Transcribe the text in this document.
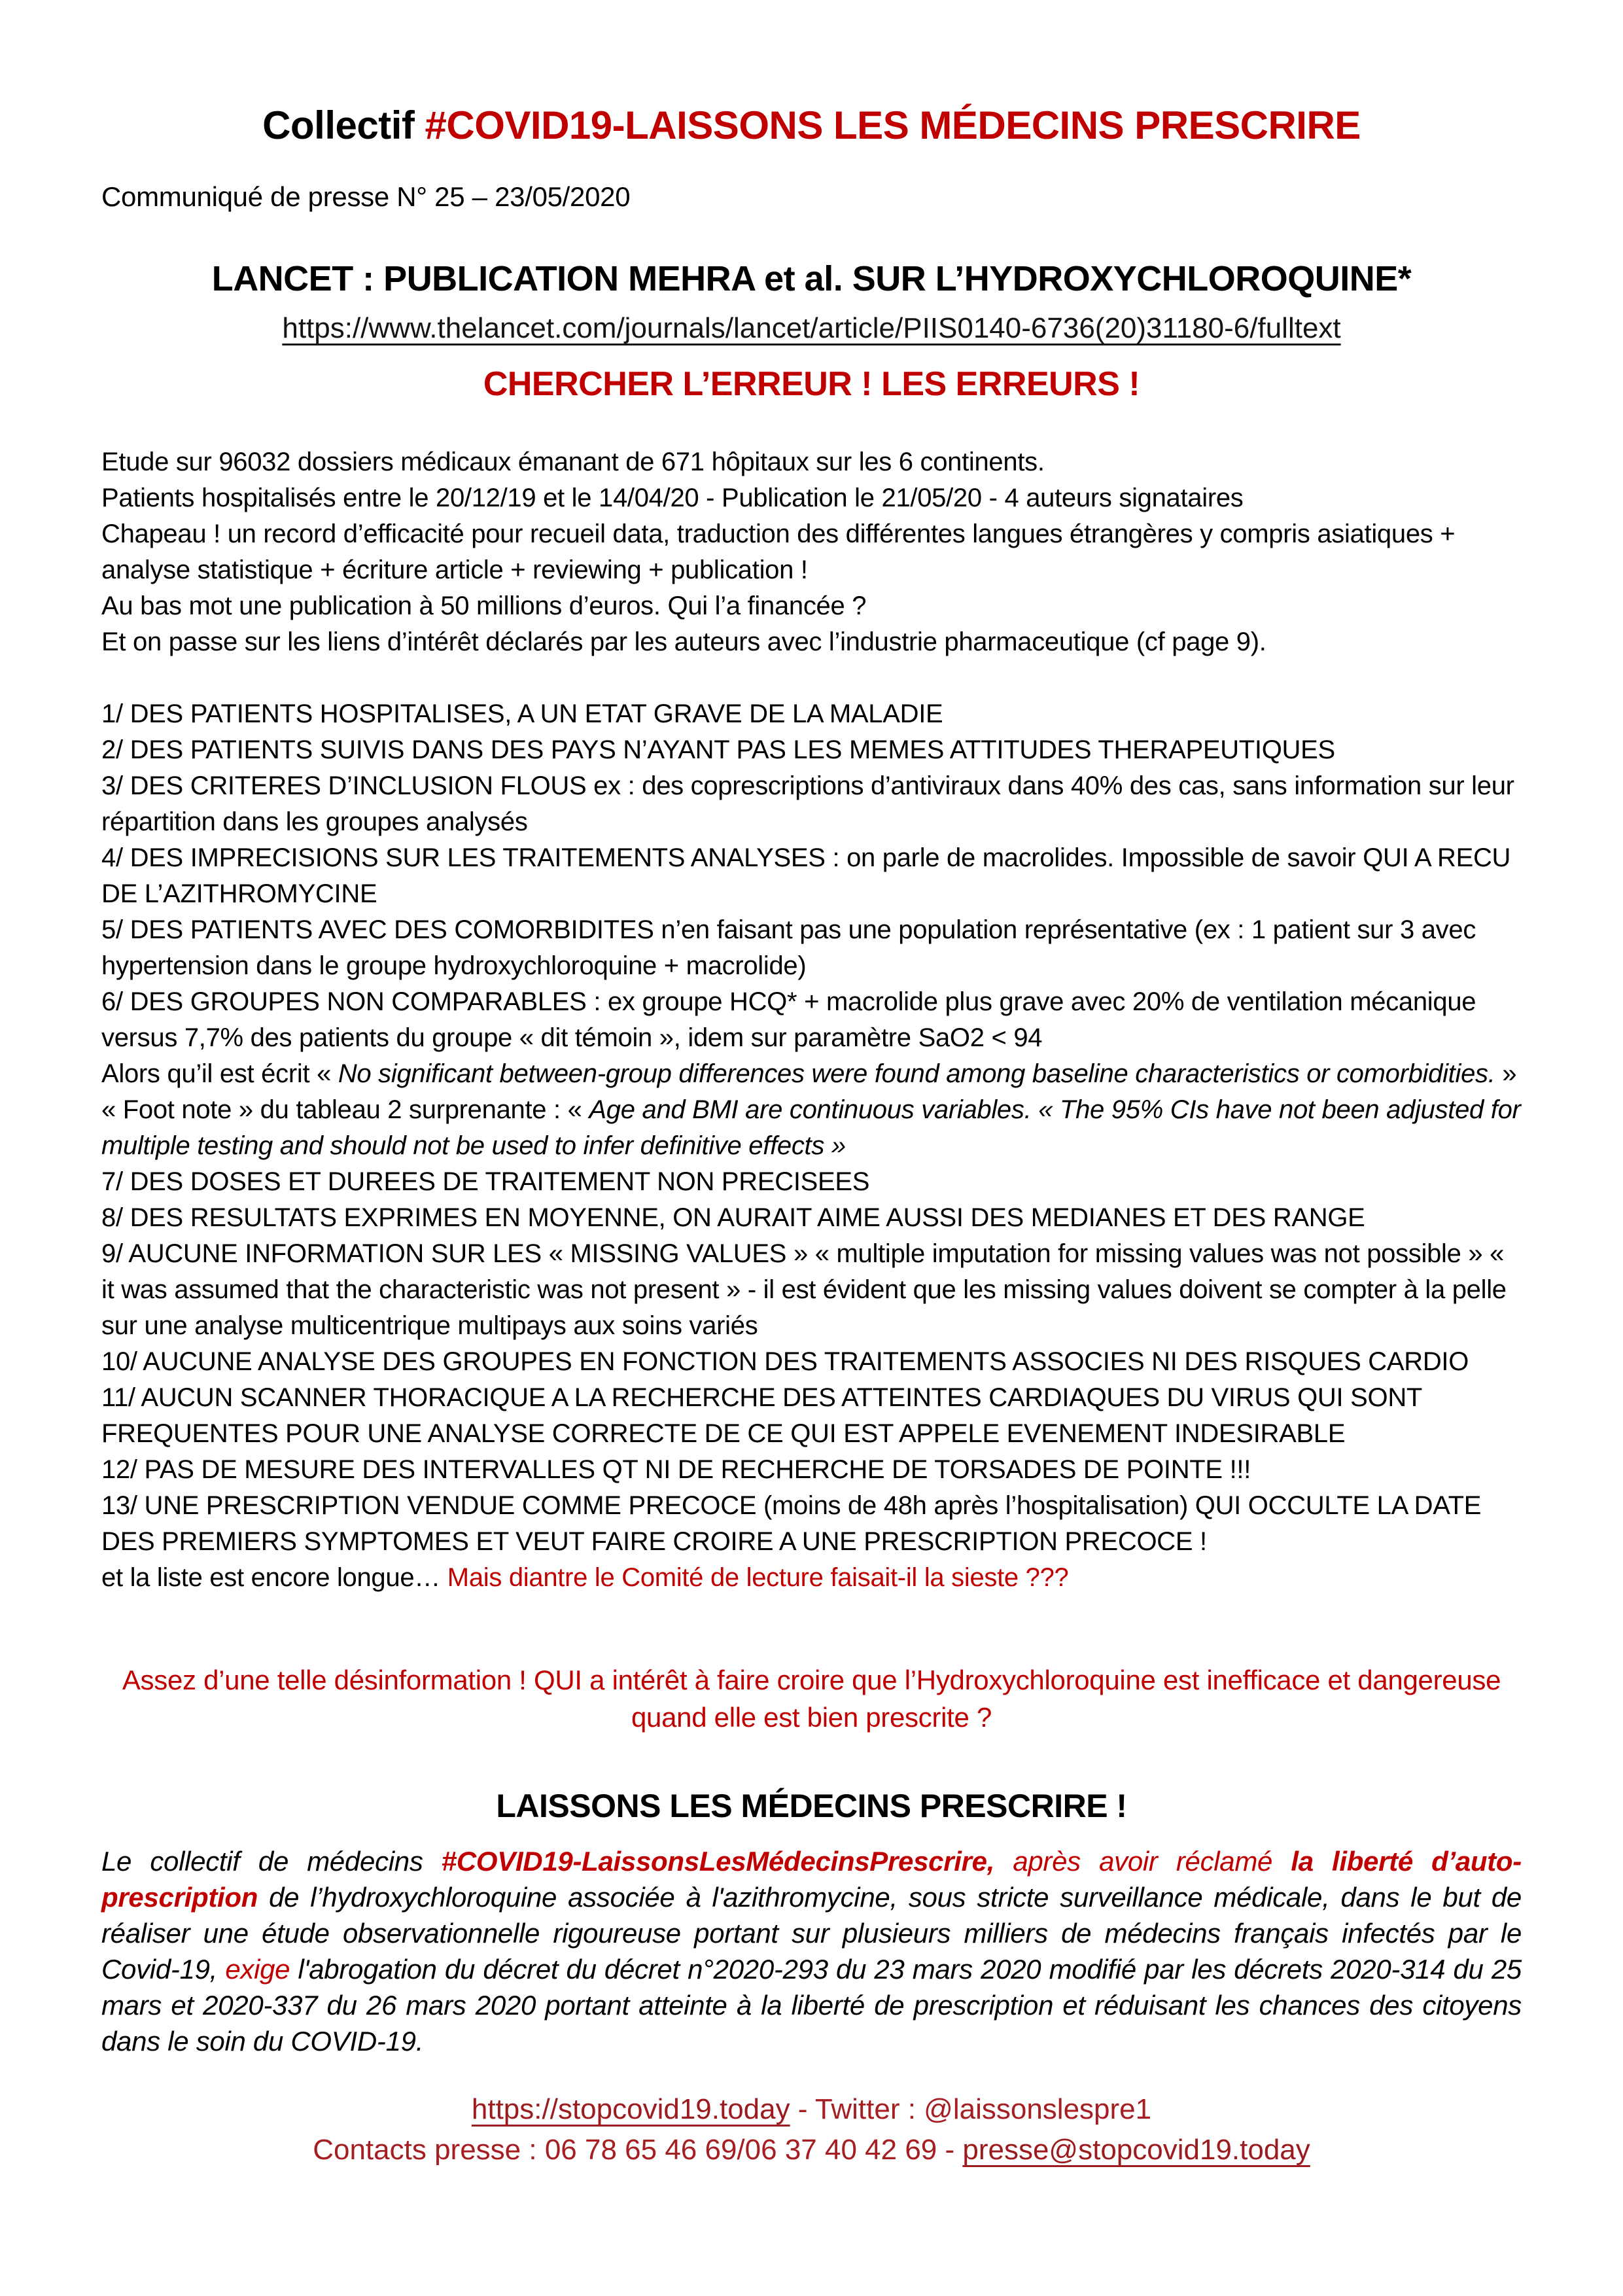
Collectif #COVID19-LAISSONS LES MÉDECINS PRESCRIRE

Communiqué de presse N° 25 – 23/05/2020

LANCET : PUBLICATION MEHRA et al. SUR L’HYDROXYCHLOROQUINE*

https://www.thelancet.com/journals/lancet/article/PIIS0140-6736(20)31180-6/fulltext

CHERCHER L’ERREUR ! LES ERREURS !

Etude sur 96032 dossiers médicaux émanant de 671 hôpitaux sur les 6 continents.

Patients hospitalisés entre le 20/12/19 et le 14/04/20 - Publication le 21/05/20 - 4 auteurs signataires

Chapeau ! un record d’efficacité pour recueil data, traduction des différentes langues étrangères y compris asiatiques + analyse statistique + écriture article + reviewing + publication !

Au bas mot une publication à 50 millions d’euros. Qui l’a financée ?

Et on passe sur les liens d’intérêt déclarés par les auteurs avec l’industrie pharmaceutique (cf page 9).

1/ DES PATIENTS HOSPITALISES, A UN ETAT GRAVE DE LA MALADIE

2/ DES PATIENTS SUIVIS DANS DES PAYS N’AYANT PAS LES MEMES ATTITUDES THERAPEUTIQUES

3/ DES CRITERES D’INCLUSION FLOUS ex : des coprescriptions d’antiviraux dans 40% des cas, sans information sur leur répartition dans les groupes analysés

4/ DES IMPRECISIONS SUR LES TRAITEMENTS ANALYSES : on parle de macrolides. Impossible de savoir QUI A RECU DE L’AZITHROMYCINE

5/ DES PATIENTS AVEC DES COMORBIDITES n’en faisant pas une population représentative (ex : 1 patient sur 3 avec hypertension dans le groupe hydroxychloroquine + macrolide)

6/ DES GROUPES NON COMPARABLES : ex groupe HCQ* + macrolide plus grave avec 20% de ventilation mécanique versus 7,7% des patients du groupe « dit témoin », idem sur paramètre SaO2 < 94

Alors qu’il est écrit « No significant between-group differences were found among baseline characteristics or comorbidities. » « Foot note » du tableau 2 surprenante : « Age and BMI are continuous variables. « The 95% CIs have not been adjusted for multiple testing and should not be used to infer definitive effects »

7/ DES DOSES ET DUREES DE TRAITEMENT NON PRECISEES

8/ DES RESULTATS EXPRIMES EN MOYENNE, ON AURAIT AIME AUSSI DES MEDIANES ET DES RANGE

9/ AUCUNE INFORMATION SUR LES « MISSING VALUES » « multiple imputation for missing values was not possible » « it was assumed that the characteristic was not present » - il est évident que les missing values doivent se compter à la pelle sur une analyse multicentrique multipays aux soins variés

10/ AUCUNE ANALYSE DES GROUPES EN FONCTION DES TRAITEMENTS ASSOCIES NI DES RISQUES CARDIO

11/ AUCUN SCANNER THORACIQUE A LA RECHERCHE DES ATTEINTES CARDIAQUES DU VIRUS QUI SONT FREQUENTES POUR UNE ANALYSE CORRECTE DE CE QUI EST APPELE EVENEMENT INDESIRABLE

12/ PAS DE MESURE DES INTERVALLES QT NI DE RECHERCHE DE TORSADES DE POINTE !!!

13/ UNE PRESCRIPTION VENDUE COMME PRECOCE (moins de 48h après l’hospitalisation) QUI OCCULTE LA DATE DES PREMIERS SYMPTOMES ET VEUT FAIRE CROIRE A UNE PRESCRIPTION PRECOCE !

et la liste est encore longue… Mais diantre le Comité de lecture faisait-il la sieste ???

Assez d’une telle désinformation ! QUI a intérêt à faire croire que l’Hydroxychloroquine est inefficace et dangereuse quand elle est bien prescrite ?

LAISSONS LES MÉDECINS PRESCRIRE !

Le collectif de médecins #COVID19-LaissonsLesMédecinsPrescrire, après avoir réclamé la liberté d’auto-prescription de l’hydroxychloroquine associée à l'azithromycine, sous stricte surveillance médicale, dans le but de réaliser une étude observationnelle rigoureuse portant sur plusieurs milliers de médecins français infectés par le Covid-19, exige l'abrogation du décret du décret n°2020-293 du 23 mars 2020 modifié par les décrets 2020-314 du 25 mars et 2020-337 du 26 mars 2020 portant atteinte à la liberté de prescription et réduisant les chances des citoyens dans le soin du COVID-19.

https://stopcovid19.today - Twitter : @laissonslespre1

Contacts presse : 06 78 65 46 69/06 37 40 42 69 - presse@stopcovid19.today
